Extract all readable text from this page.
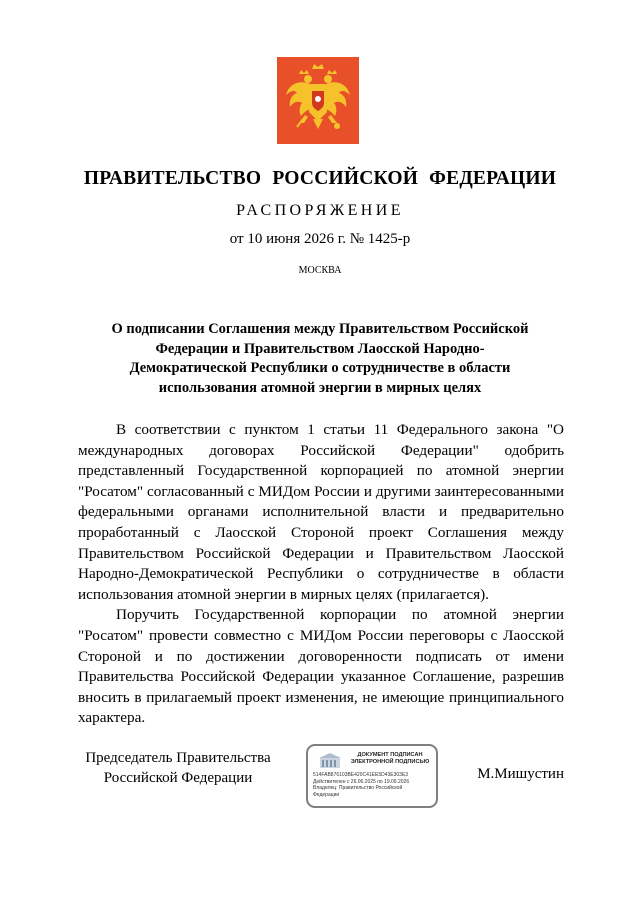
ПРАВИТЕЛЬСТВО РОССИЙСКОЙ ФЕДЕРАЦИИ
РАСПОРЯЖЕНИЕ
от 10 июня 2026 г. № 1425-р
МОСКВА
О подписании Соглашения между Правительством Российской Федерации и Правительством Лаосской Народно-Демократической Республики о сотрудничестве в области использования атомной энергии в мирных целях

В соответствии с пунктом 1 статьи 11 Федерального закона "О международных договорах Российской Федерации" одобрить представленный Государственной корпорацией по атомной энергии "Росатом" согласованный с МИДом России и другими заинтересованными федеральными органами исполнительной власти и предварительно проработанный с Лаосской Стороной проект Соглашения между Правительством Российской Федерации и Правительством Лаосской Народно-Демократической Республики о сотрудничестве в области использования атомной энергии в мирных целях (прилагается).

Поручить Государственной корпорации по атомной энергии "Росатом" провести совместно с МИДом России переговоры с Лаосской Стороной и по достижении договоренности подписать от имени Правительства Российской Федерации указанное Соглашение, разрешив вносить в прилагаемый проект изменения, не имеющие принципиального характера.

Председатель Правительства
Российской Федерации
ДОКУМЕНТ ПОДПИСАН
ЭЛЕКТРОННОЙ ПОДПИСЬЮ
514FAB876103BE420C41EE5D43E303E3
Действителен с 26.06.2025 по 19.09.2026
Владелец: Правительство Российской
Федерации
М.Мишустин
